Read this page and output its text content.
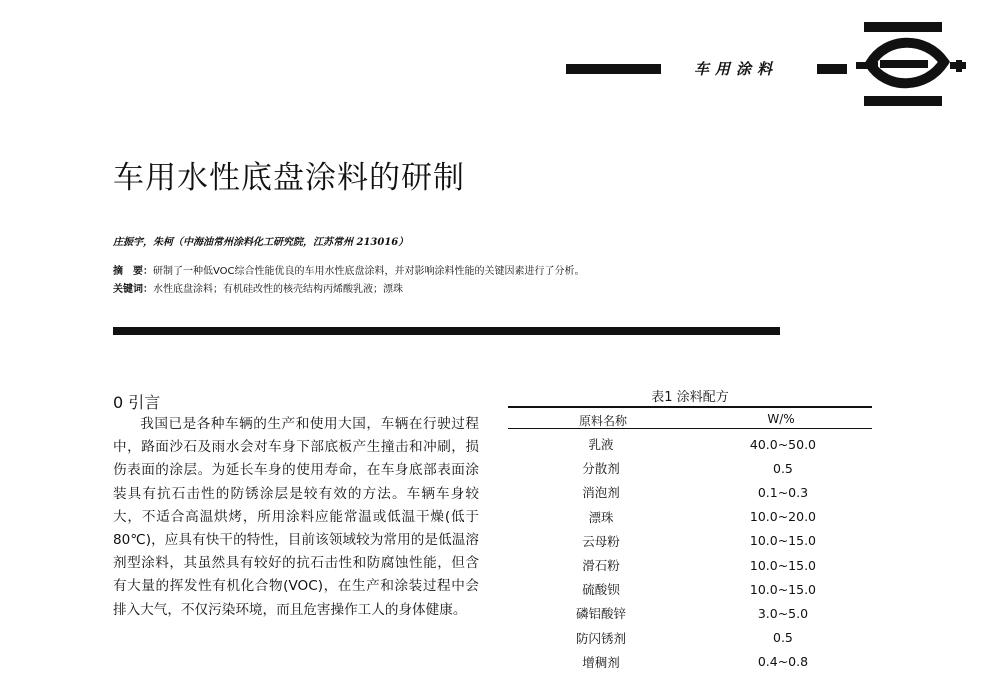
车用涂料
车用水性底盘涂料的研制
庄振宇，朱柯（中海油常州涂料化工研究院，江苏常州 213016）
摘　要：研制了一种低VOC综合性能优良的车用水性底盘涂料，并对影响涂料性能的关键因素进行了分析。
关键词：水性底盘涂料；有机硅改性的核壳结构丙烯酸乳液；漂珠
0 引言
我国已是各种车辆的生产和使用大国，车辆在行驶过程中，路面沙石及雨水会对车身下部底板产生撞击和冲刷，损伤表面的涂层。为延长车身的使用寿命，在车身底部表面涂装具有抗石击性的防锈涂层是较有效的方法。车辆车身较大，不适合高温烘烤，所用涂料应能常温或低温干燥(低于80℃)，应具有快干的特性，目前该领域较为常用的是低温溶剂型涂料，其虽然具有较好的抗石击性和防腐蚀性能，但含有大量的挥发性有机化合物(VOC)，在生产和涂装过程中会排入大气，不仅污染环境，而且危害操作工人的身体健康。
表1 涂料配方
原料名称	W/%
乳液	40.0~50.0
分散剂	0.5
消泡剂	0.1~0.3
漂珠	10.0~20.0
云母粉	10.0~15.0
滑石粉	10.0~15.0
硫酸钡	10.0~15.0
磷铝酸锌	3.0~5.0
防闪锈剂	0.5
增稠剂	0.4~0.8
